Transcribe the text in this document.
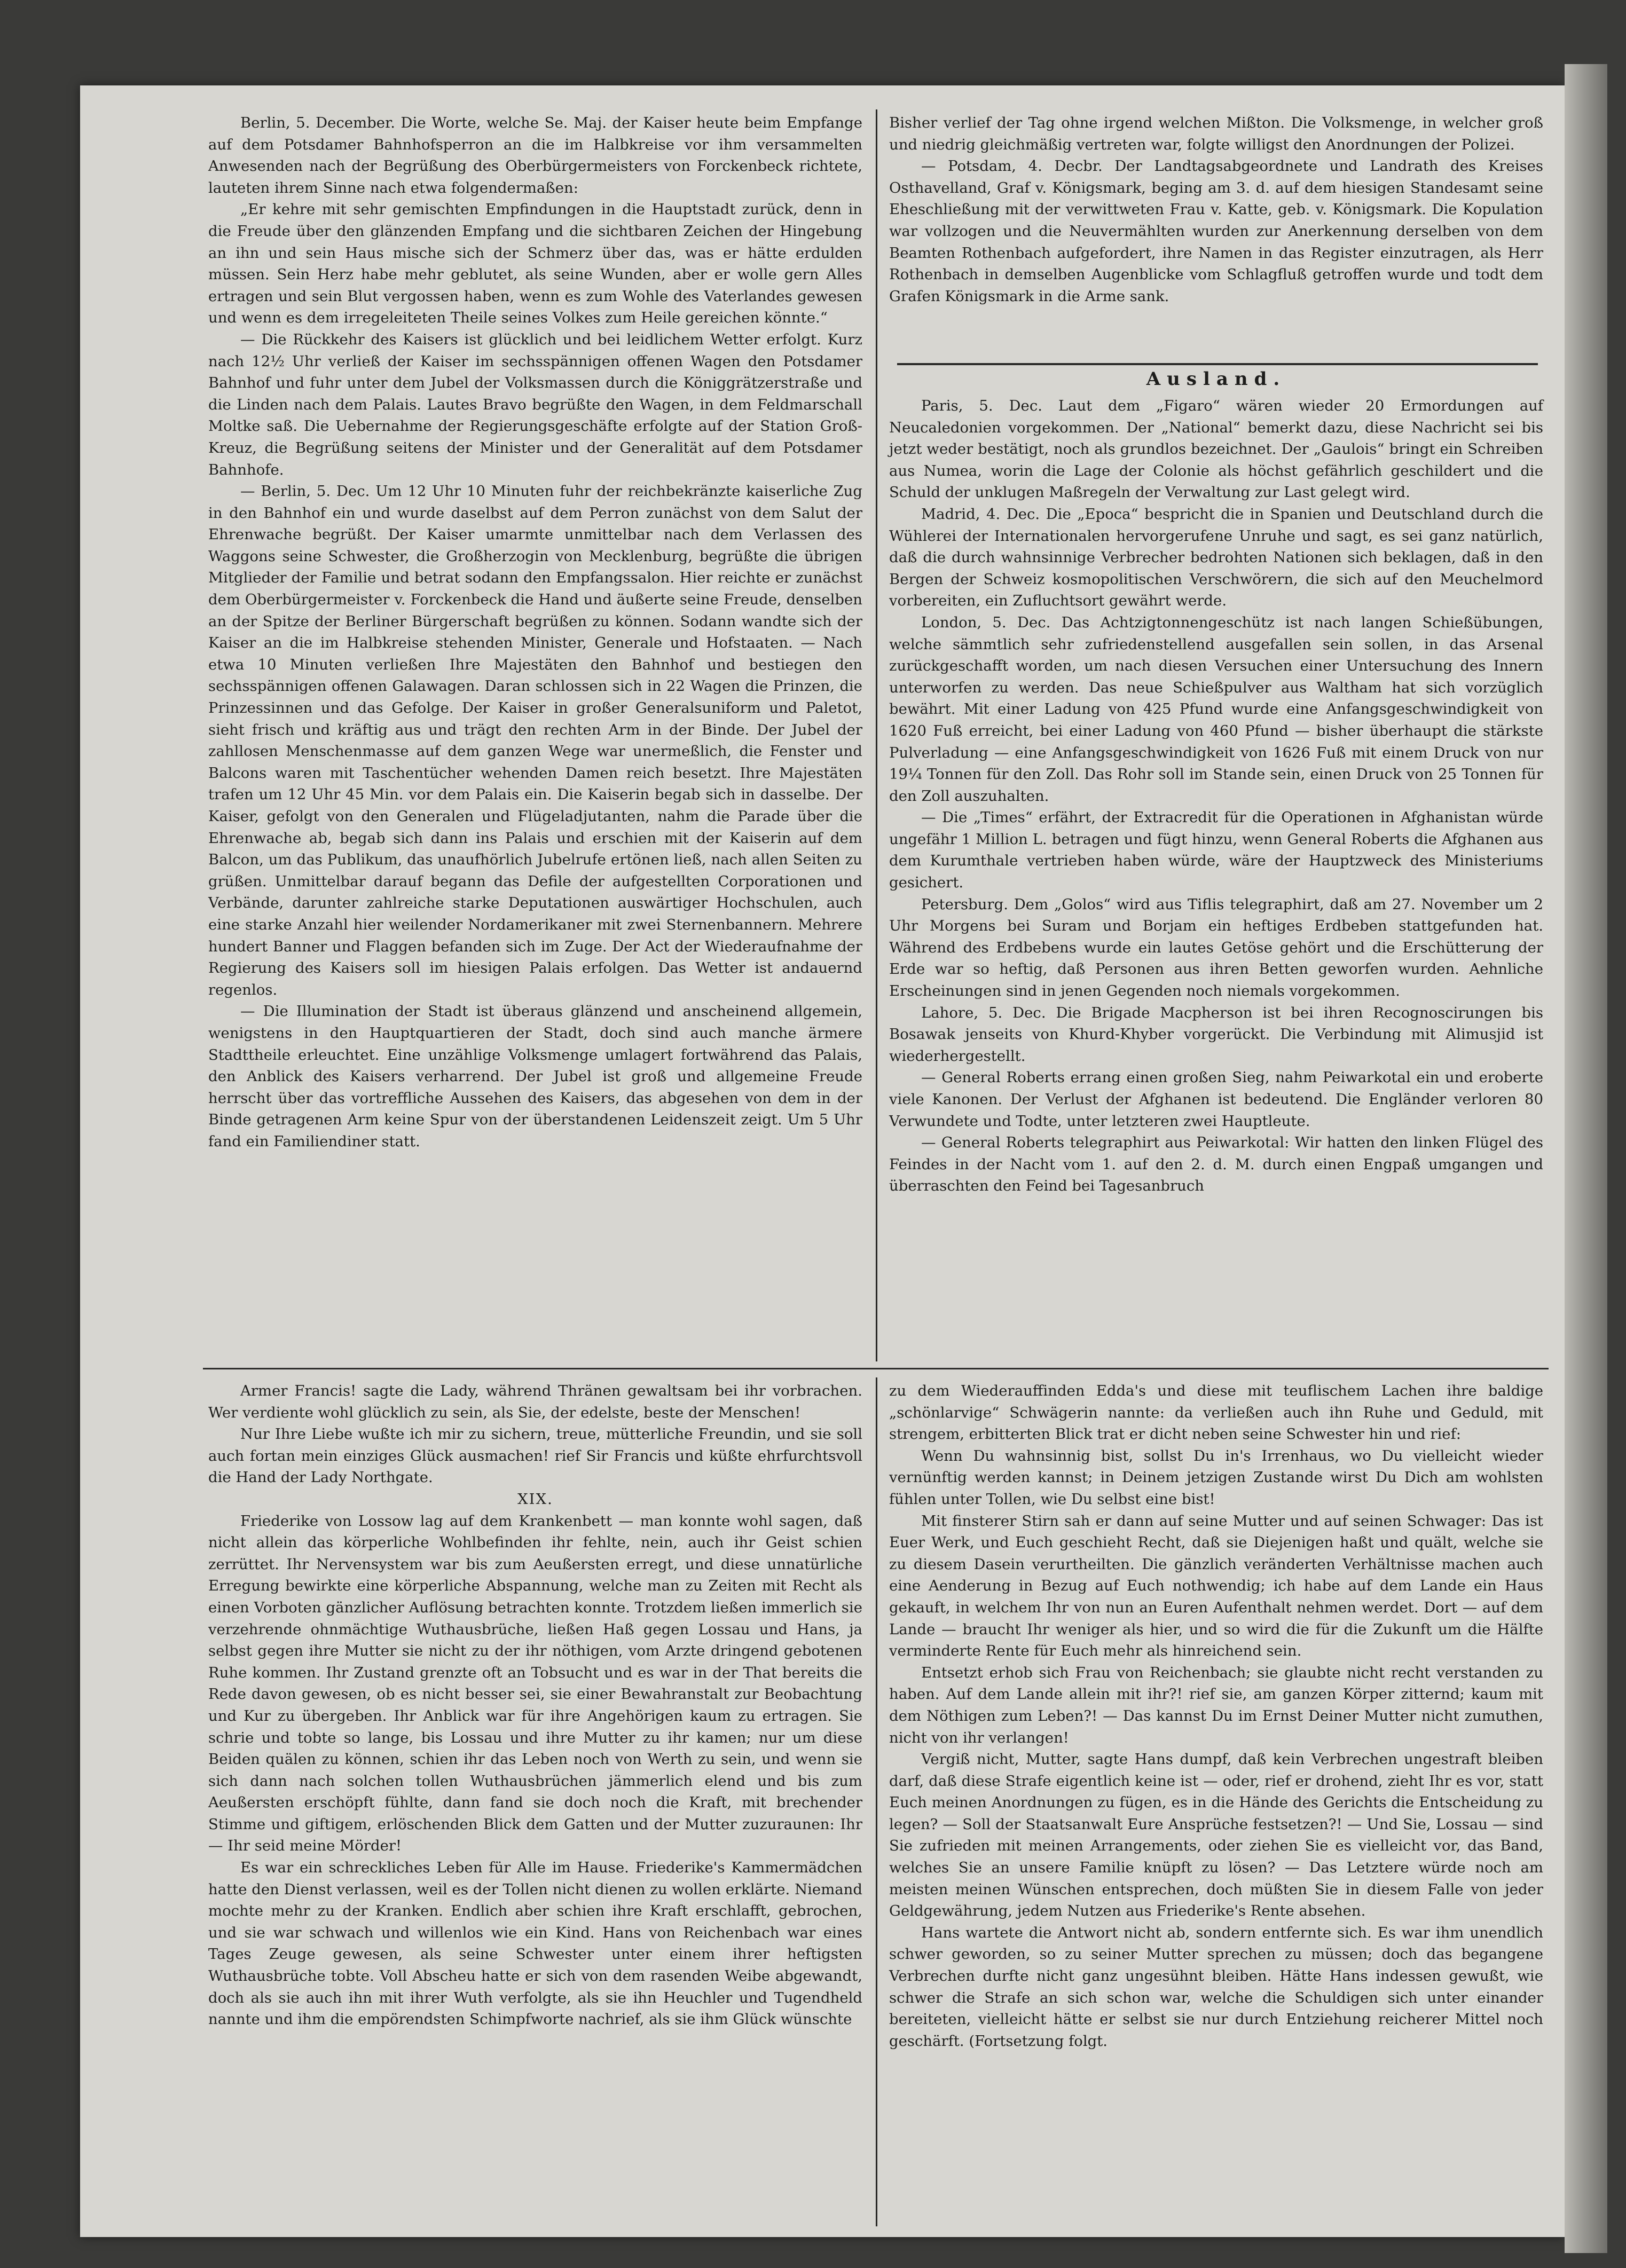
Berlin, 5. December. Die Worte, welche Se. Maj. der Kaiser heute beim Empfange auf dem Potsdamer Bahnhofsperron an die im Halbkreise vor ihm versammelten Anwesenden nach der Begrüßung des Oberbürgermeisters von Forckenbeck richtete, lauteten ihrem Sinne nach etwa folgendermaßen:

„Er kehre mit sehr gemischten Empfindungen in die Hauptstadt zurück, denn in die Freude über den glänzenden Empfang und die sichtbaren Zeichen der Hingebung an ihn und sein Haus mische sich der Schmerz über das, was er hätte erdulden müssen. Sein Herz habe mehr geblutet, als seine Wunden, aber er wolle gern Alles ertragen und sein Blut vergossen haben, wenn es zum Wohle des Vaterlandes gewesen und wenn es dem irregeleiteten Theile seines Volkes zum Heile gereichen könnte.“

— Die Rückkehr des Kaisers ist glücklich und bei leidlichem Wetter erfolgt. Kurz nach 12½ Uhr verließ der Kaiser im sechsspännigen offenen Wagen den Potsdamer Bahnhof und fuhr unter dem Jubel der Volksmassen durch die Königgrätzerstraße und die Linden nach dem Palais. Lautes Bravo begrüßte den Wagen, in dem Feldmarschall Moltke saß. Die Uebernahme der Regierungsgeschäfte erfolgte auf der Station Groß-Kreuz, die Begrüßung seitens der Minister und der Generalität auf dem Potsdamer Bahnhofe.

— Berlin, 5. Dec. Um 12 Uhr 10 Minuten fuhr der reichbekränzte kaiserliche Zug in den Bahnhof ein und wurde daselbst auf dem Perron zunächst von dem Salut der Ehrenwache begrüßt. Der Kaiser umarmte unmittelbar nach dem Verlassen des Waggons seine Schwester, die Großherzogin von Mecklenburg, begrüßte die übrigen Mitglieder der Familie und betrat sodann den Empfangssalon. Hier reichte er zunächst dem Oberbürgermeister v. Forckenbeck die Hand und äußerte seine Freude, denselben an der Spitze der Berliner Bürgerschaft begrüßen zu können. Sodann wandte sich der Kaiser an die im Halbkreise stehenden Minister, Generale und Hofstaaten. — Nach etwa 10 Minuten verließen Ihre Majestäten den Bahnhof und bestiegen den sechsspännigen offenen Galawagen. Daran schlossen sich in 22 Wagen die Prinzen, die Prinzessinnen und das Gefolge. Der Kaiser in großer Generalsuniform und Paletot, sieht frisch und kräftig aus und trägt den rechten Arm in der Binde. Der Jubel der zahllosen Menschenmasse auf dem ganzen Wege war unermeßlich, die Fenster und Balcons waren mit Taschentücher wehenden Damen reich besetzt. Ihre Majestäten trafen um 12 Uhr 45 Min. vor dem Palais ein. Die Kaiserin begab sich in dasselbe. Der Kaiser, gefolgt von den Generalen und Flügeladjutanten, nahm die Parade über die Ehrenwache ab, begab sich dann ins Palais und erschien mit der Kaiserin auf dem Balcon, um das Publikum, das unaufhörlich Jubelrufe ertönen ließ, nach allen Seiten zu grüßen. Unmittelbar darauf begann das Defile der aufgestellten Corporationen und Verbände, darunter zahlreiche starke Deputationen auswärtiger Hochschulen, auch eine starke Anzahl hier weilender Nordamerikaner mit zwei Sternenbannern. Mehrere hundert Banner und Flaggen befanden sich im Zuge. Der Act der Wiederaufnahme der Regierung des Kaisers soll im hiesigen Palais erfolgen. Das Wetter ist andauernd regenlos.

— Die Illumination der Stadt ist überaus glänzend und anscheinend allgemein, wenigstens in den Hauptquartieren der Stadt, doch sind auch manche ärmere Stadttheile erleuchtet. Eine unzählige Volksmenge umlagert fortwährend das Palais, den Anblick des Kaisers verharrend. Der Jubel ist groß und allgemeine Freude herrscht über das vortreffliche Aussehen des Kaisers, das abgesehen von dem in der Binde getragenen Arm keine Spur von der überstandenen Leidenszeit zeigt. Um 5 Uhr fand ein Familiendiner statt.

Bisher verlief der Tag ohne irgend welchen Mißton. Die Volksmenge, in welcher groß und niedrig gleichmäßig vertreten war, folgte willigst den Anordnungen der Polizei.

— Potsdam, 4. Decbr. Der Landtagsabgeordnete und Landrath des Kreises Osthavelland, Graf v. Königsmark, beging am 3. d. auf dem hiesigen Standesamt seine Eheschließung mit der verwittweten Frau v. Katte, geb. v. Königsmark. Die Kopulation war vollzogen und die Neuvermählten wurden zur Anerkennung derselben von dem Beamten Rothenbach aufgefordert, ihre Namen in das Register einzutragen, als Herr Rothenbach in demselben Augenblicke vom Schlagfluß getroffen wurde und todt dem Grafen Königsmark in die Arme sank.

Ausland.

Paris, 5. Dec. Laut dem „Figaro“ wären wieder 20 Ermordungen auf Neucaledonien vorgekommen. Der „National“ bemerkt dazu, diese Nachricht sei bis jetzt weder bestätigt, noch als grundlos bezeichnet. Der „Gaulois“ bringt ein Schreiben aus Numea, worin die Lage der Colonie als höchst gefährlich geschildert und die Schuld der unklugen Maßregeln der Verwaltung zur Last gelegt wird.

Madrid, 4. Dec. Die „Epoca“ bespricht die in Spanien und Deutschland durch die Wühlerei der Internationalen hervorgerufene Unruhe und sagt, es sei ganz natürlich, daß die durch wahnsinnige Verbrecher bedrohten Nationen sich beklagen, daß in den Bergen der Schweiz kosmopolitischen Verschwörern, die sich auf den Meuchelmord vorbereiten, ein Zufluchtsort gewährt werde.

London, 5. Dec. Das Achtzigtonnengeschütz ist nach langen Schießübungen, welche sämmtlich sehr zufriedenstellend ausgefallen sein sollen, in das Arsenal zurückgeschafft worden, um nach diesen Versuchen einer Untersuchung des Innern unterworfen zu werden. Das neue Schießpulver aus Waltham hat sich vorzüglich bewährt. Mit einer Ladung von 425 Pfund wurde eine Anfangsgeschwindigkeit von 1620 Fuß erreicht, bei einer Ladung von 460 Pfund — bisher überhaupt die stärkste Pulverladung — eine Anfangsgeschwindigkeit von 1626 Fuß mit einem Druck von nur 19¼ Tonnen für den Zoll. Das Rohr soll im Stande sein, einen Druck von 25 Tonnen für den Zoll auszuhalten.

— Die „Times“ erfährt, der Extracredit für die Operationen in Afghanistan würde ungefähr 1 Million L. betragen und fügt hinzu, wenn General Roberts die Afghanen aus dem Kurumthale vertrieben haben würde, wäre der Hauptzweck des Ministeriums gesichert.

Petersburg. Dem „Golos“ wird aus Tiflis telegraphirt, daß am 27. November um 2 Uhr Morgens bei Suram und Borjam ein heftiges Erdbeben stattgefunden hat. Während des Erdbebens wurde ein lautes Getöse gehört und die Erschütterung der Erde war so heftig, daß Personen aus ihren Betten geworfen wurden. Aehnliche Erscheinungen sind in jenen Gegenden noch niemals vorgekommen.

Lahore, 5. Dec. Die Brigade Macpherson ist bei ihren Recognoscirungen bis Bosawak jenseits von Khurd-Khyber vorgerückt. Die Verbindung mit Alimusjid ist wiederhergestellt.

— General Roberts errang einen großen Sieg, nahm Peiwarkotal ein und eroberte viele Kanonen. Der Verlust der Afghanen ist bedeutend. Die Engländer verloren 80 Verwundete und Todte, unter letzteren zwei Hauptleute.

— General Roberts telegraphirt aus Peiwarkotal: Wir hatten den linken Flügel des Feindes in der Nacht vom 1. auf den 2. d. M. durch einen Engpaß umgangen und überraschten den Feind bei Tagesanbruch

Armer Francis! sagte die Lady, während Thränen gewaltsam bei ihr vorbrachen. Wer verdiente wohl glücklich zu sein, als Sie, der edelste, beste der Menschen!

Nur Ihre Liebe wußte ich mir zu sichern, treue, mütterliche Freundin, und sie soll auch fortan mein einziges Glück ausmachen! rief Sir Francis und küßte ehrfurchtsvoll die Hand der Lady Northgate.

XIX.

Friederike von Lossow lag auf dem Krankenbett — man konnte wohl sagen, daß nicht allein das körperliche Wohlbefinden ihr fehlte, nein, auch ihr Geist schien zerrüttet. Ihr Nervensystem war bis zum Aeußersten erregt, und diese unnatürliche Erregung bewirkte eine körperliche Abspannung, welche man zu Zeiten mit Recht als einen Vorboten gänzlicher Auflösung betrachten konnte. Trotzdem ließen immerlich sie verzehrende ohnmächtige Wuthausbrüche, ließen Haß gegen Lossau und Hans, ja selbst gegen ihre Mutter sie nicht zu der ihr nöthigen, vom Arzte dringend gebotenen Ruhe kommen. Ihr Zustand grenzte oft an Tobsucht und es war in der That bereits die Rede davon gewesen, ob es nicht besser sei, sie einer Bewahranstalt zur Beobachtung und Kur zu übergeben. Ihr Anblick war für ihre Angehörigen kaum zu ertragen. Sie schrie und tobte so lange, bis Lossau und ihre Mutter zu ihr kamen; nur um diese Beiden quälen zu können, schien ihr das Leben noch von Werth zu sein, und wenn sie sich dann nach solchen tollen Wuthausbrüchen jämmerlich elend und bis zum Aeußersten erschöpft fühlte, dann fand sie doch noch die Kraft, mit brechender Stimme und giftigem, erlöschenden Blick dem Gatten und der Mutter zuzuraunen: Ihr — Ihr seid meine Mörder!

Es war ein schreckliches Leben für Alle im Hause. Friederike's Kammermädchen hatte den Dienst verlassen, weil es der Tollen nicht dienen zu wollen erklärte. Niemand mochte mehr zu der Kranken. Endlich aber schien ihre Kraft erschlafft, gebrochen, und sie war schwach und willenlos wie ein Kind. Hans von Reichenbach war eines Tages Zeuge gewesen, als seine Schwester unter einem ihrer heftigsten Wuthausbrüche tobte. Voll Abscheu hatte er sich von dem rasenden Weibe abgewandt, doch als sie auch ihn mit ihrer Wuth verfolgte, als sie ihn Heuchler und Tugendheld nannte und ihm die empörendsten Schimpfworte nachrief, als sie ihm Glück wünschte

zu dem Wiederauffinden Edda's und diese mit teuflischem Lachen ihre baldige „schönlarvige“ Schwägerin nannte: da verließen auch ihn Ruhe und Geduld, mit strengem, erbitterten Blick trat er dicht neben seine Schwester hin und rief:

Wenn Du wahnsinnig bist, sollst Du in's Irrenhaus, wo Du vielleicht wieder vernünftig werden kannst; in Deinem jetzigen Zustande wirst Du Dich am wohlsten fühlen unter Tollen, wie Du selbst eine bist!

Mit finsterer Stirn sah er dann auf seine Mutter und auf seinen Schwager: Das ist Euer Werk, und Euch geschieht Recht, daß sie Diejenigen haßt und quält, welche sie zu diesem Dasein verurtheilten. Die gänzlich veränderten Verhältnisse machen auch eine Aenderung in Bezug auf Euch nothwendig; ich habe auf dem Lande ein Haus gekauft, in welchem Ihr von nun an Euren Aufenthalt nehmen werdet. Dort — auf dem Lande — braucht Ihr weniger als hier, und so wird die für die Zukunft um die Hälfte verminderte Rente für Euch mehr als hinreichend sein.

Entsetzt erhob sich Frau von Reichenbach; sie glaubte nicht recht verstanden zu haben. Auf dem Lande allein mit ihr?! rief sie, am ganzen Körper zitternd; kaum mit dem Nöthigen zum Leben?! — Das kannst Du im Ernst Deiner Mutter nicht zumuthen, nicht von ihr verlangen!

Vergiß nicht, Mutter, sagte Hans dumpf, daß kein Verbrechen ungestraft bleiben darf, daß diese Strafe eigentlich keine ist — oder, rief er drohend, zieht Ihr es vor, statt Euch meinen Anordnungen zu fügen, es in die Hände des Gerichts die Entscheidung zu legen? — Soll der Staatsanwalt Eure Ansprüche festsetzen?! — Und Sie, Lossau — sind Sie zufrieden mit meinen Arrangements, oder ziehen Sie es vielleicht vor, das Band, welches Sie an unsere Familie knüpft zu lösen? — Das Letztere würde noch am meisten meinen Wünschen entsprechen, doch müßten Sie in diesem Falle von jeder Geldgewährung, jedem Nutzen aus Friederike's Rente absehen.

Hans wartete die Antwort nicht ab, sondern entfernte sich. Es war ihm unendlich schwer geworden, so zu seiner Mutter sprechen zu müssen; doch das begangene Verbrechen durfte nicht ganz ungesühnt bleiben. Hätte Hans indessen gewußt, wie schwer die Strafe an sich schon war, welche die Schuldigen sich unter einander bereiteten, vielleicht hätte er selbst sie nur durch Entziehung reicherer Mittel noch geschärft. (Fortsetzung folgt.
